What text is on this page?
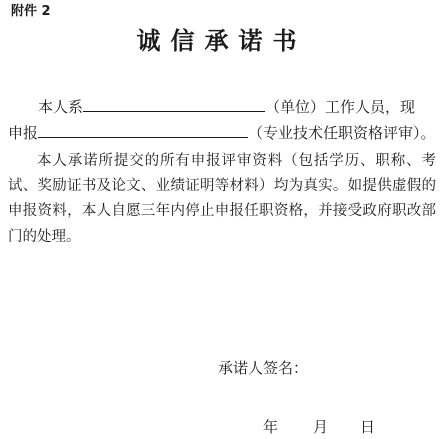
附件 2
诚信承诺书
本人系	（单位）工作人员，现
申报	（专业技术任职资格评审）。
本人承诺所提交的所有申报评审资料（包括学历、职称、考试、奖励证书及论文、业绩证明等材料）均为真实。如提供虚假的申报资料，本人自愿三年内停止申报任职资格，并接受政府职改部门的处理。
承诺人签名：
年 月 日
